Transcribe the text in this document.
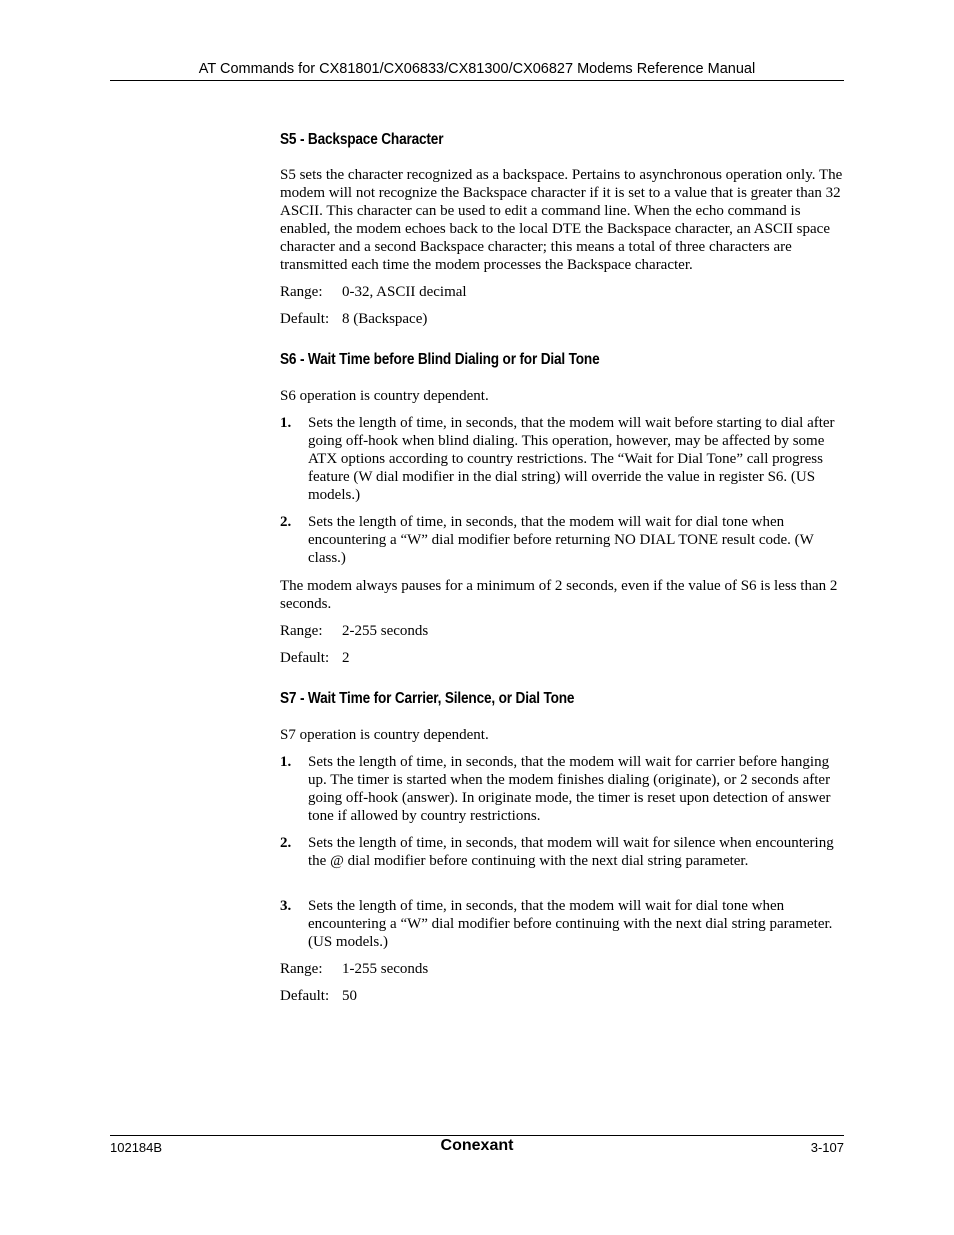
AT Commands for CX81801/CX06833/CX81300/CX06827 Modems Reference Manual
S5 - Backspace Character

S5 sets the character recognized as a backspace. Pertains to asynchronous operation only. The modem will not recognize the Backspace character if it is set to a value that is greater than 32 ASCII. This character can be used to edit a command line. When the echo command is enabled, the modem echoes back to the local DTE the Backspace character, an ASCII space character and a second Backspace character; this means a total of three characters are transmitted each time the modem processes the Backspace character.

Range: 0-32, ASCII decimal
Default: 8 (Backspace)
S6 - Wait Time before Blind Dialing or for Dial Tone

S6 operation is country dependent.

1. Sets the length of time, in seconds, that the modem will wait before starting to dial after going off-hook when blind dialing. This operation, however, may be affected by some ATX options according to country restrictions. The “Wait for Dial Tone” call progress feature (W dial modifier in the dial string) will override the value in register S6. (US models.)
2. Sets the length of time, in seconds, that the modem will wait for dial tone when encountering a “W” dial modifier before returning NO DIAL TONE result code. (W class.)

The modem always pauses for a minimum of 2 seconds, even if the value of S6 is less than 2 seconds.

Range: 2-255 seconds
Default: 2
S7 - Wait Time for Carrier, Silence, or Dial Tone

S7 operation is country dependent.

1. Sets the length of time, in seconds, that the modem will wait for carrier before hanging up. The timer is started when the modem finishes dialing (originate), or 2 seconds after going off-hook (answer). In originate mode, the timer is reset upon detection of answer tone if allowed by country restrictions.
2. Sets the length of time, in seconds, that modem will wait for silence when encountering the @ dial modifier before continuing with the next dial string parameter.
3. Sets the length of time, in seconds, that the modem will wait for dial tone when encountering a “W” dial modifier before continuing with the next dial string parameter. (US models.)
Range: 1-255 seconds
Default: 50
102184B	Conexant	3-107
